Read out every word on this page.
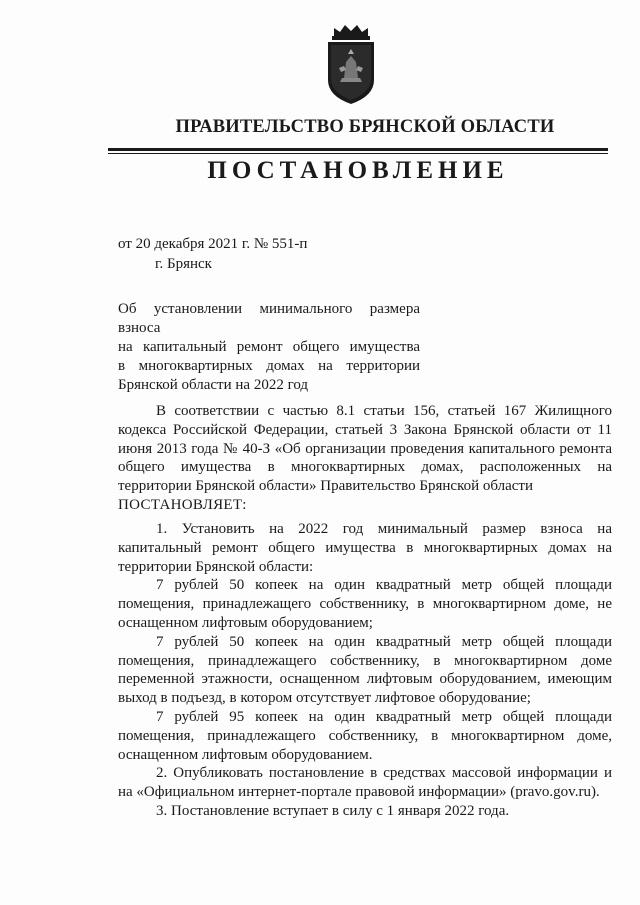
ПРАВИТЕЛЬСТВО БРЯНСКОЙ ОБЛАСТИ
ПОСТАНОВЛЕНИЕ
от 20 декабря 2021 г. № 551-п
г. Брянск
Об установлении минимального размера взноса
на капитальный ремонт общего имущества
в многоквартирных домах на территории
Брянской области на 2022 год

В соответствии с частью 8.1 статьи 156, статьей 167 Жилищного кодекса Российской Федерации, статьей 3 Закона Брянской области от 11 июня 2013 года № 40-З «Об организации проведения капитального ремонта общего имущества в многоквартирных домах, расположенных на территории Брянской области» Правительство Брянской области

ПОСТАНОВЛЯЕТ:

1. Установить на 2022 год минимальный размер взноса на капитальный ремонт общего имущества в многоквартирных домах на территории Брянской области:

7 рублей 50 копеек на один квадратный метр общей площади помещения, принадлежащего собственнику, в многоквартирном доме, не оснащенном лифтовым оборудованием;

7 рублей 50 копеек на один квадратный метр общей площади помещения, принадлежащего собственнику, в многоквартирном доме переменной этажности, оснащенном лифтовым оборудованием, имеющим выход в подъезд, в котором отсутствует лифтовое оборудование;

7 рублей 95 копеек на один квадратный метр общей площади помещения, принадлежащего собственнику, в многоквартирном доме, оснащенном лифтовым оборудованием.

2. Опубликовать постановление в средствах массовой информации и на «Официальном интернет-портале правовой информации» (pravo.gov.ru).

3. Постановление вступает в силу с 1 января 2022 года.
